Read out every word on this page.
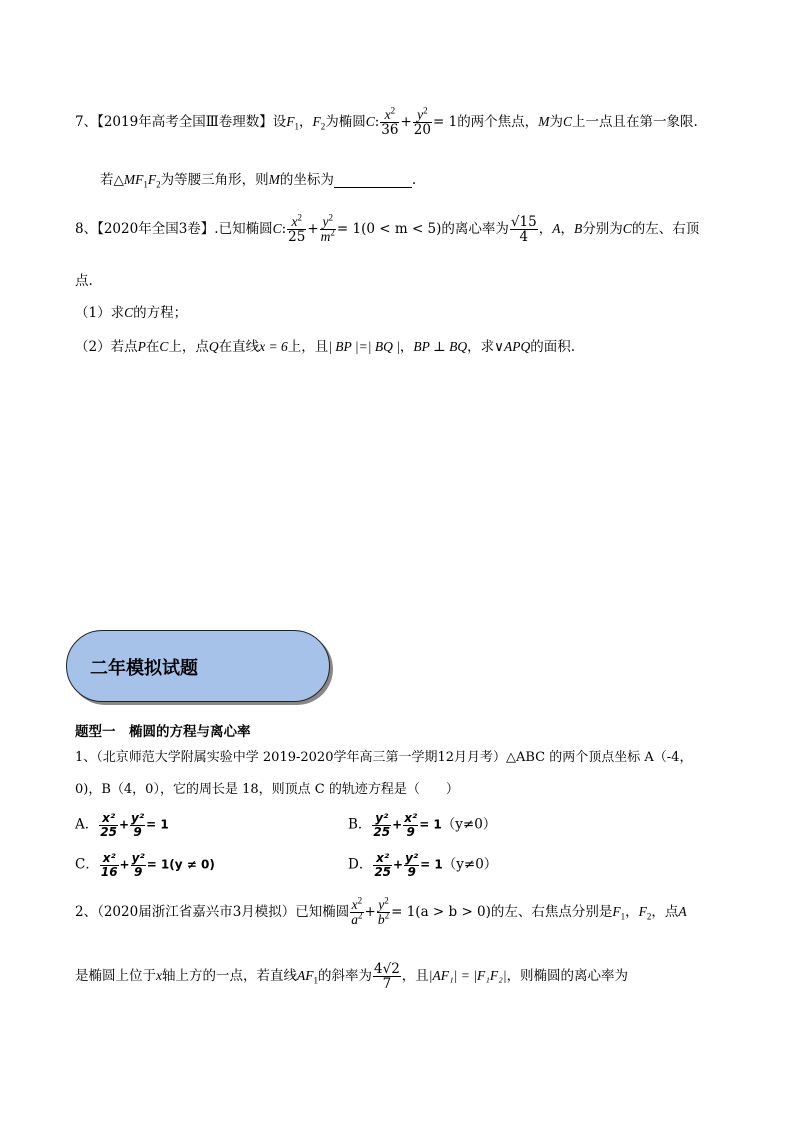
7、【2019年高考全国Ⅲ卷理数】设$F_1$，$F_2$为椭圆C: $\frac{x^2}{36} + \frac{y^2}{20} = 1$的两个焦点，M为C上一点且在第一象限.
若$\triangle MF_1F_2$为等腰三角形，则M的坐标为	.
8、【2020年全国3卷】.已知椭圆C: $\frac{x^2}{25} + \frac{y^2}{m^2} = 1(0 < m < 5)$的离心率为 $\frac{√15}{4}$ ，A，B分别为C的左、右顶
点.
（1）求C的方程；
（2）若点P在C上，点Q在直线x = 6上，且| BP |=| BQ |，BP ⊥ BQ，求∨APQ的面积.
二年模拟试题
题型一　椭圆的方程与离心率
1、（北京师范大学附属实验中学 2019-2020学年高三第一学期12月月考）△ABC 的两个顶点坐标 A（-4，
0)，B（4，0），它的周长是 18，则顶点 C 的轨迹方程是（　　）
A． $\frac{\text{x²}}{25} + \frac{\text{y²}}{9} = 1$	B． $\frac{\text{y²}}{25} + \frac{\text{x²}}{9} = 1(y\ne 0)$
C． $\frac{\text{x²}}{16} + \frac{\text{y²}}{9} = 1(y \ne 0)$	D． $\frac{\text{x²}}{25} + \frac{\text{y²}}{9} = 1(y\ne 0)$
2、（2020届浙江省嘉兴市3月模拟）已知椭圆 $\frac{x^2}{a^2} + \frac{y^2}{b^2} = 1(a > b > 0)$的左、右焦点分别是$F_1$，$F_2$，点A
是椭圆上位于x轴上方的一点，若直线$AF_1$的斜率为 $\frac{4√2}{7}$ ，且|AF₁| = |F₁F₂|，则椭圆的离心率为
